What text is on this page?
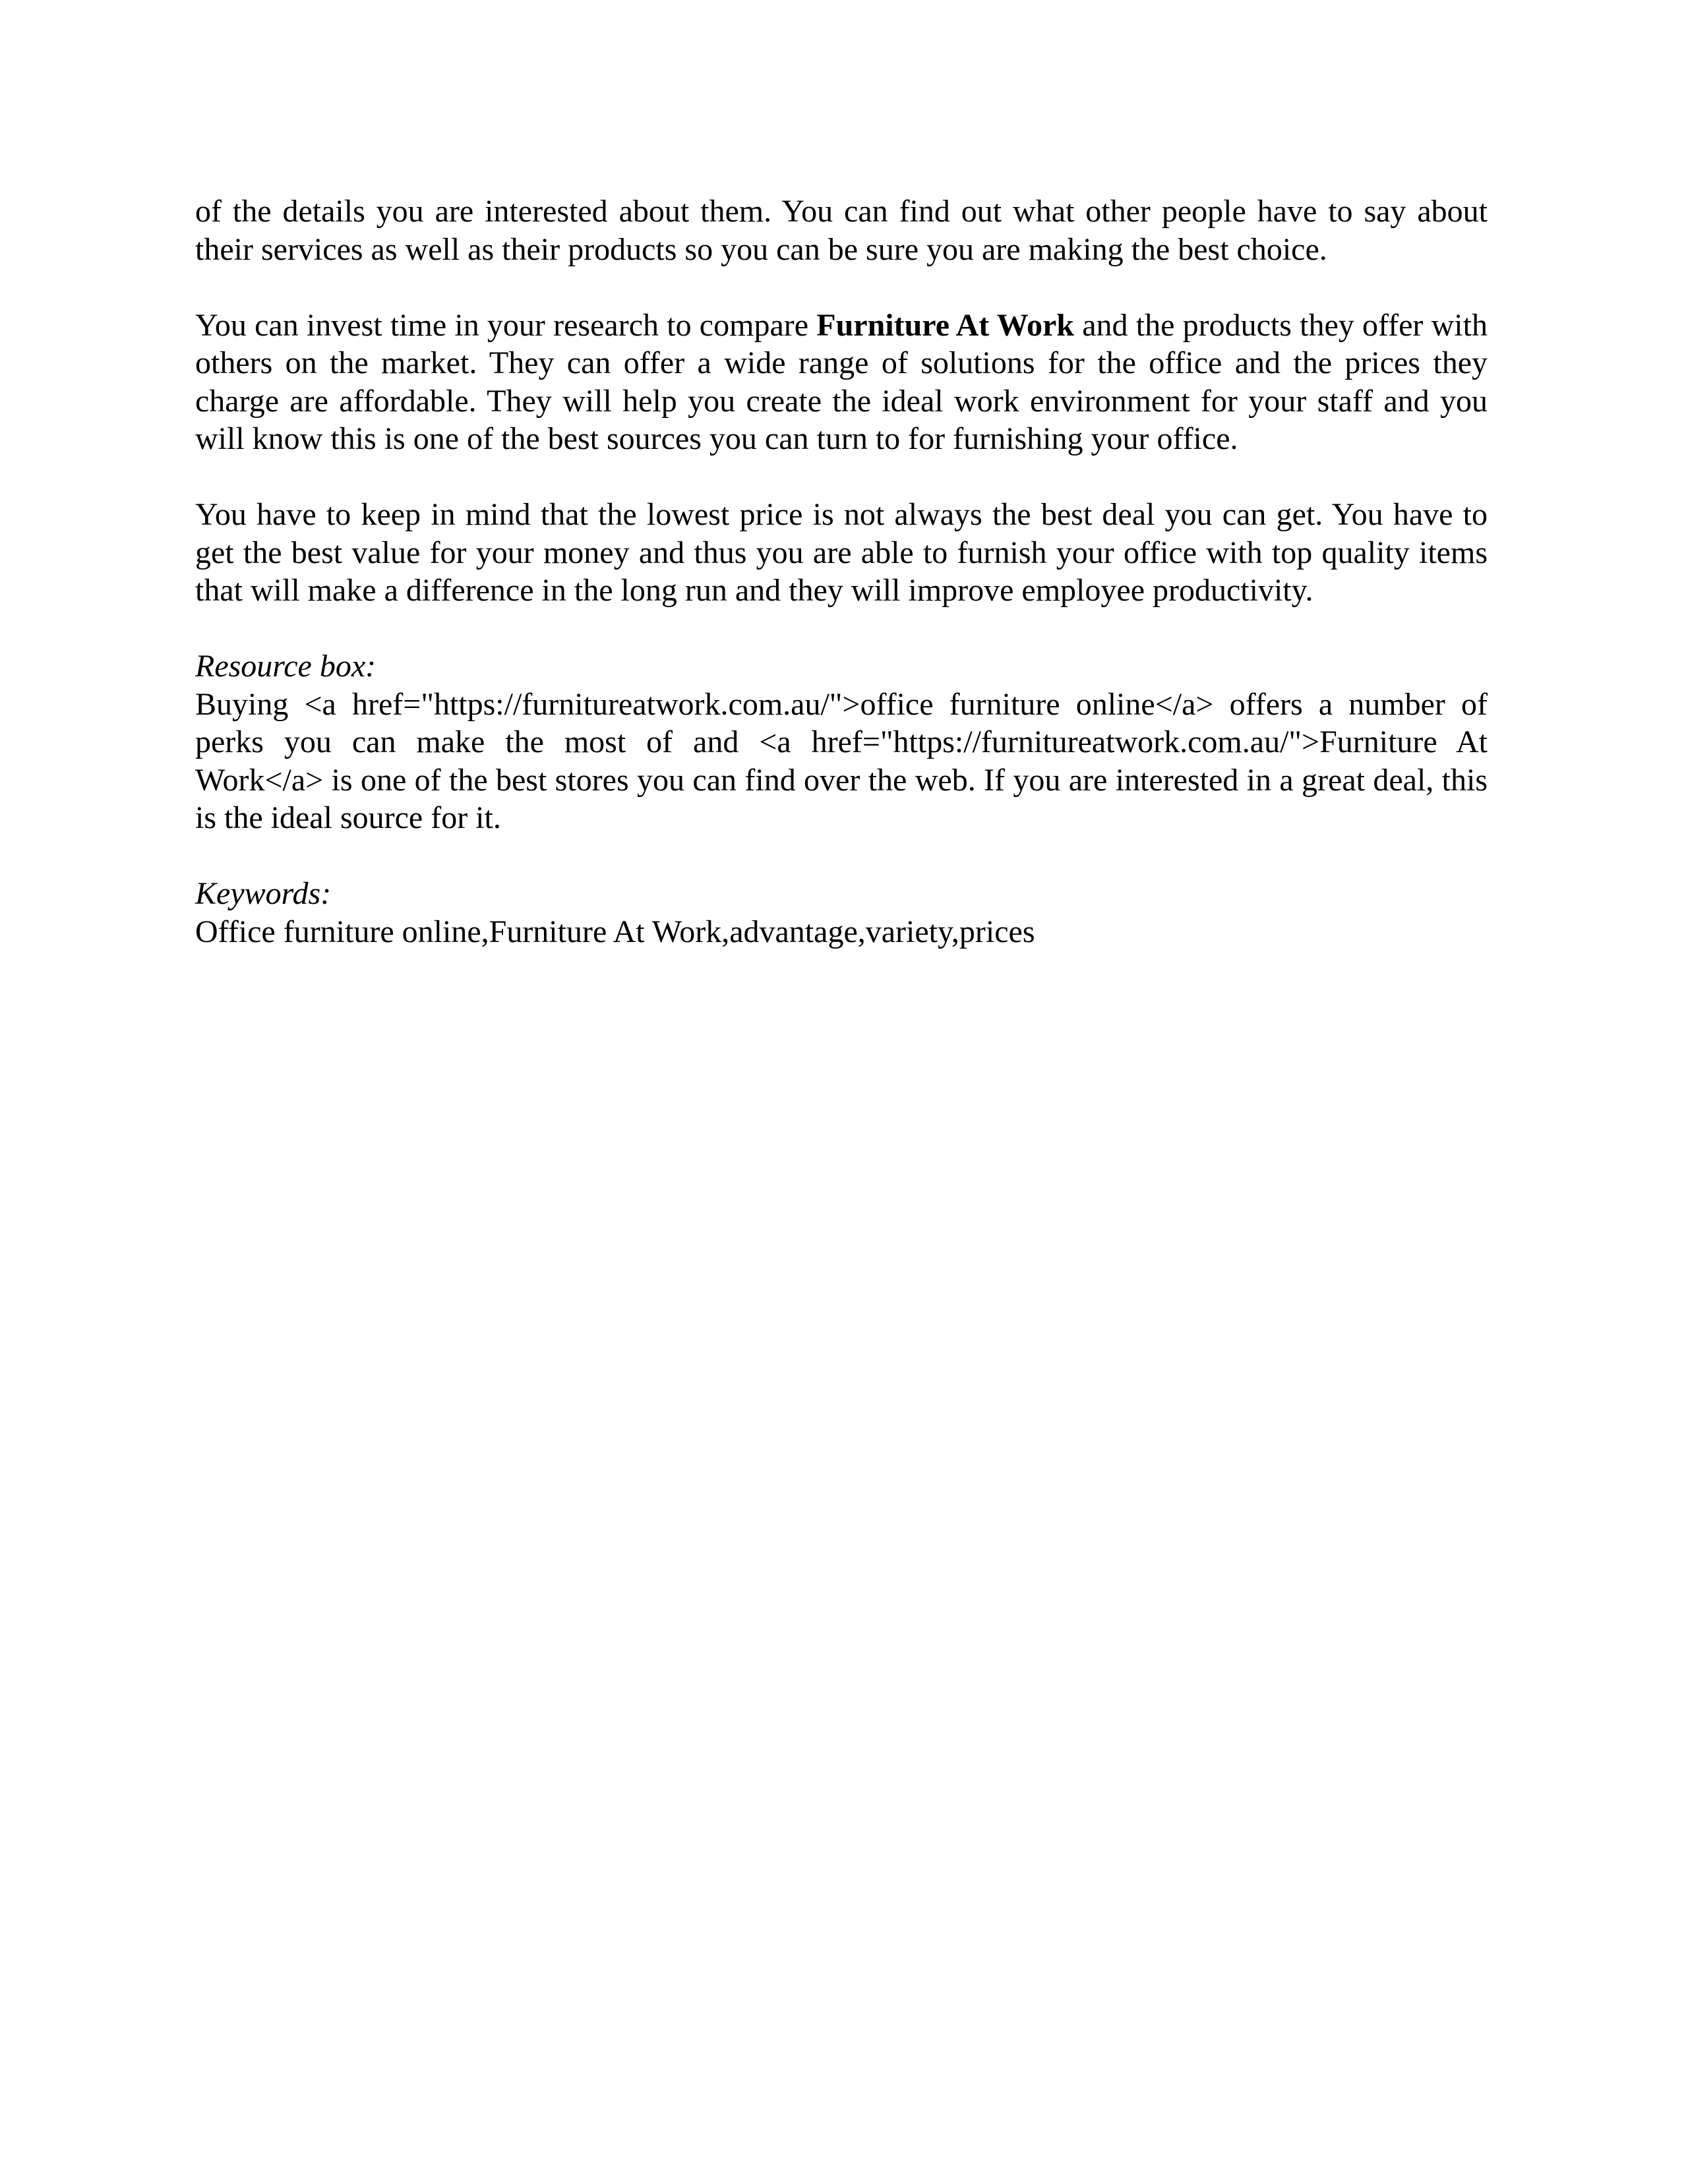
of the details you are interested about them. You can find out what other people have to say about their services as well as their products so you can be sure you are making the best choice.

You can invest time in your research to compare Furniture At Work and the products they offer with others on the market. They can offer a wide range of solutions for the office and the prices they charge are affordable. They will help you create the ideal work environment for your staff and you will know this is one of the best sources you can turn to for furnishing your office.

You have to keep in mind that the lowest price is not always the best deal you can get. You have to get the best value for your money and thus you are able to furnish your office with top quality items that will make a difference in the long run and they will improve employee productivity.

Resource box:
Buying <a href="https://furnitureatwork.com.au/">office furniture online</a> offers a number of perks you can make the most of and <a href="https://furnitureatwork.com.au/">Furniture At Work</a> is one of the best stores you can find over the web. If you are interested in a great deal, this is the ideal source for it.
Keywords:
Office furniture online,Furniture At Work,advantage,variety,prices
